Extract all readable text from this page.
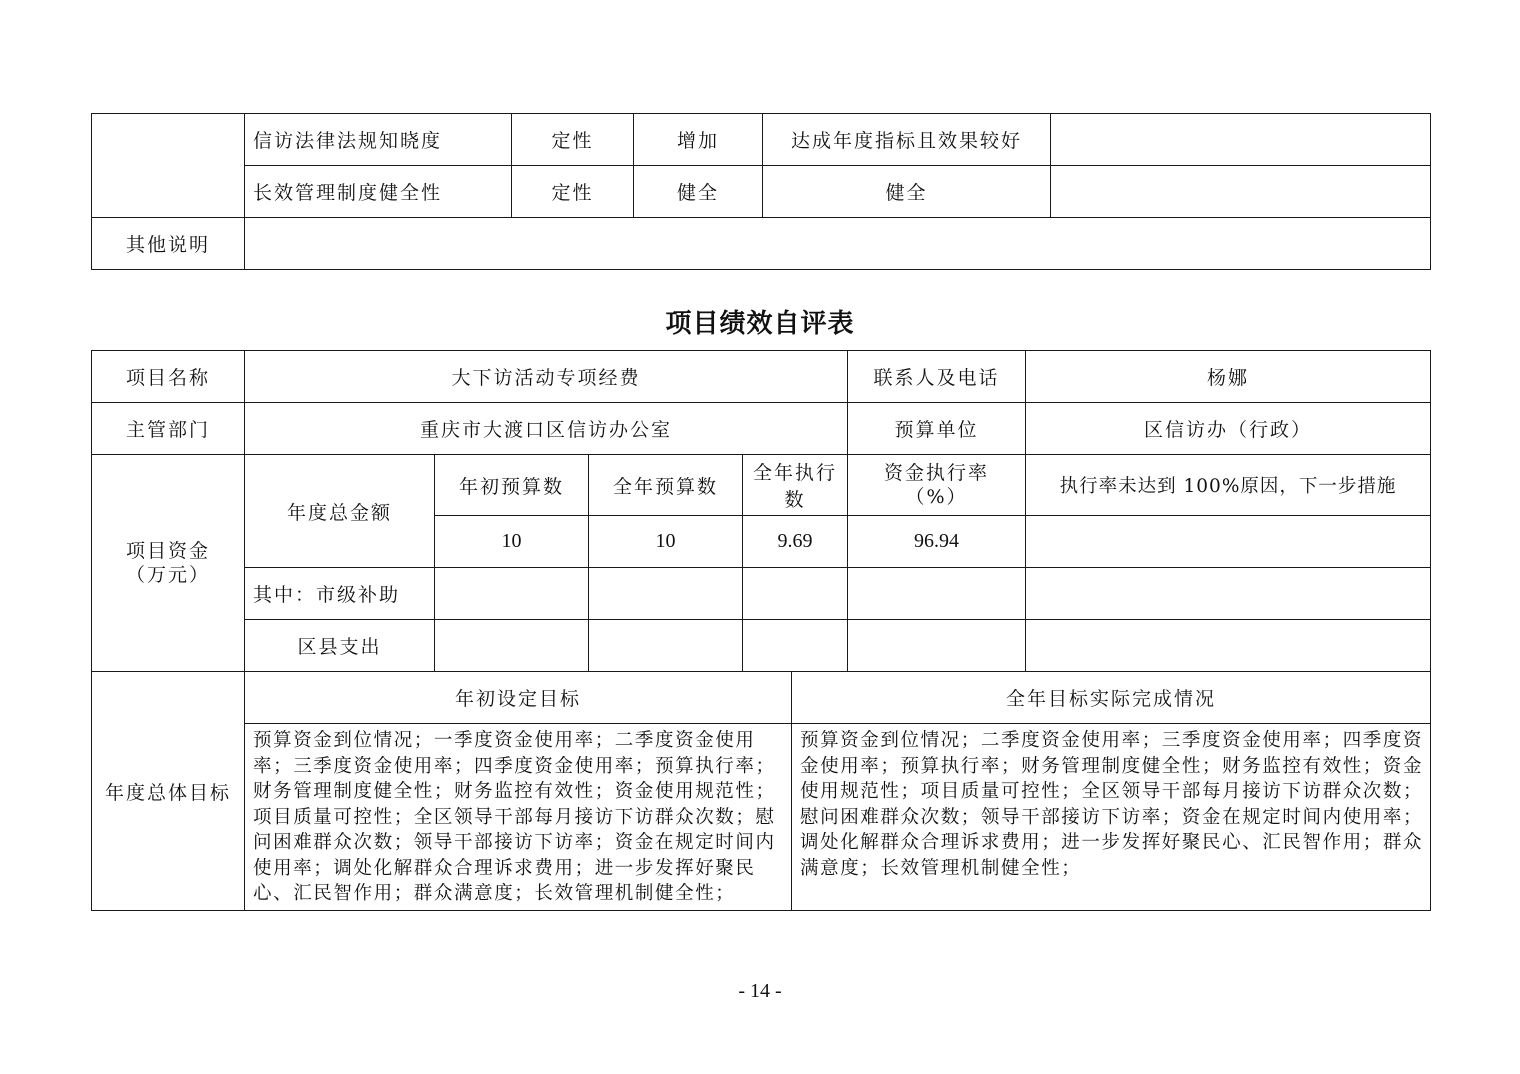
	信访法律法规知晓度	定性	增加	达成年度指标且效果较好	
	长效管理制度健全性	定性	健全	健全	
其他说明					
项目绩效自评表
项目名称	大下访活动专项经费					联系人及电话	杨娜
主管部门	重庆市大渡口区信访办公室					预算单位	区信访办（行政）
项目资金（万元）	年度总金额	年初预算数	全年预算数	全年执行数		资金执行率（%）	执行率未达到 100%原因，下一步措施
		10	10	9.69		96.94	
	其中：市级补助						
	区县支出						
年度总体目标	年初设定目标				全年目标实际完成情况		
	预算资金到位情况；一季度资金使用率；二季度资金使用率；三季度资金使用率；四季度资金使用率；预算执行率；财务管理制度健全性；财务监控有效性；资金使用规范性；项目质量可控性；全区领导干部每月接访下访群众次数；慰问困难群众次数；领导干部接访下访率；资金在规定时间内使用率；调处化解群众合理诉求费用；进一步发挥好聚民心、汇民智作用；群众满意度；长效管理机制健全性；				预算资金到位情况；二季度资金使用率；三季度资金使用率；四季度资金使用率；预算执行率；财务管理制度健全性；财务监控有效性；资金使用规范性；项目质量可控性；全区领导干部每月接访下访群众次数；慰问困难群众次数；领导干部接访下访率；资金在规定时间内使用率；调处化解群众合理诉求费用；进一步发挥好聚民心、汇民智作用；群众满意度；长效管理机制健全性；		
- 14 -
